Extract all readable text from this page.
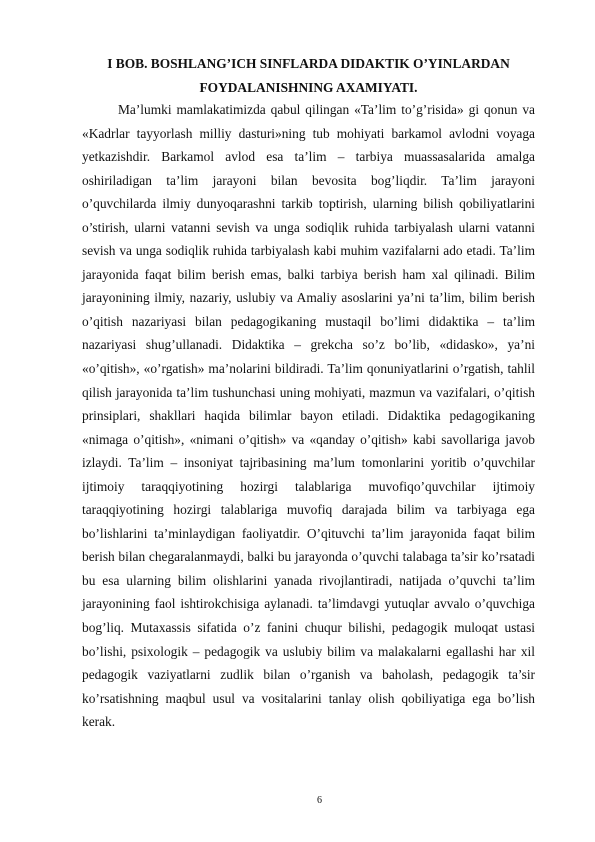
I BOB. BOSHLANG’ICH SINFLARDA DIDAKTIK O’YINLARDAN
FOYDALANISHNING AXAMIYATI.

Ma’lumki mamlakatimizda qabul qilingan «Ta’lim to’g’risida» gi qonun va «Kadrlar tayyorlash milliy dasturi»ning tub mohiyati barkamol avlodni voyaga yetkazishdir. Barkamol avlod esa ta’lim – tarbiya muassasalarida amalga oshiriladigan ta’lim jarayoni bilan bevosita bog’liqdir. Ta’lim jarayoni o’quvchilarda ilmiy dunyoqarashni tarkib toptirish, ularning bilish qobiliyatlarini o’stirish, ularni vatanni sevish va unga sodiqlik ruhida tarbiyalash ularni vatanni sevish va unga sodiqlik ruhida tarbiyalash kabi muhim vazifalarni ado etadi. Ta’lim jarayonida faqat bilim berish emas, balki tarbiya berish ham xal qilinadi. Bilim jarayonining ilmiy, nazariy, uslubiy va Amaliy asoslarini ya’ni ta’lim, bilim berish o’qitish nazariyasi bilan pedagogikaning mustaqil bo’limi didaktika – ta’lim nazariyasi shug’ullanadi. Didaktika – grekcha so’z bo’lib, «didasko», ya’ni «o’qitish», «o’rgatish» ma’nolarini bildiradi. Ta’lim qonuniyatlarini o’rgatish, tahlil qilish jarayonida ta’lim tushunchasi uning mohiyati, mazmun va vazifalari, o’qitish prinsiplari, shakllari haqida bilimlar bayon etiladi. Didaktika pedagogikaning «nimaga o’qitish», «nimani o’qitish» va «qanday o’qitish» kabi savollariga javob izlaydi. Ta’lim – insoniyat tajribasining ma’lum tomonlarini yoritib o’quvchilar ijtimoiy taraqqiyotining hozirgi talablariga muvofiqo’quvchilar ijtimoiy taraqqiyotining hozirgi talablariga muvofiq darajada bilim va tarbiyaga ega bo’lishlarini ta’minlaydigan faoliyatdir. O’qituvchi ta’lim jarayonida faqat bilim berish bilan chegaralanmaydi, balki bu jarayonda o’quvchi talabaga ta’sir ko’rsatadi bu esa ularning bilim olishlarini yanada rivojlantiradi, natijada o’quvchi ta’lim jarayonining faol ishtirokchisiga aylanadi. ta’limdavgi yutuqlar avvalo o’quvchiga bog’liq. Mutaxassis sifatida o’z fanini chuqur bilishi, pedagogik muloqat ustasi bo’lishi, psixologik – pedagogik va uslubiy bilim va malakalarni egallashi har xil pedagogik vaziyatlarni zudlik bilan o’rganish va baholash, pedagogik ta’sir ko’rsatishning maqbul usul va vositalarini tanlay olish qobiliyatiga ega bo’lish kerak.

6
